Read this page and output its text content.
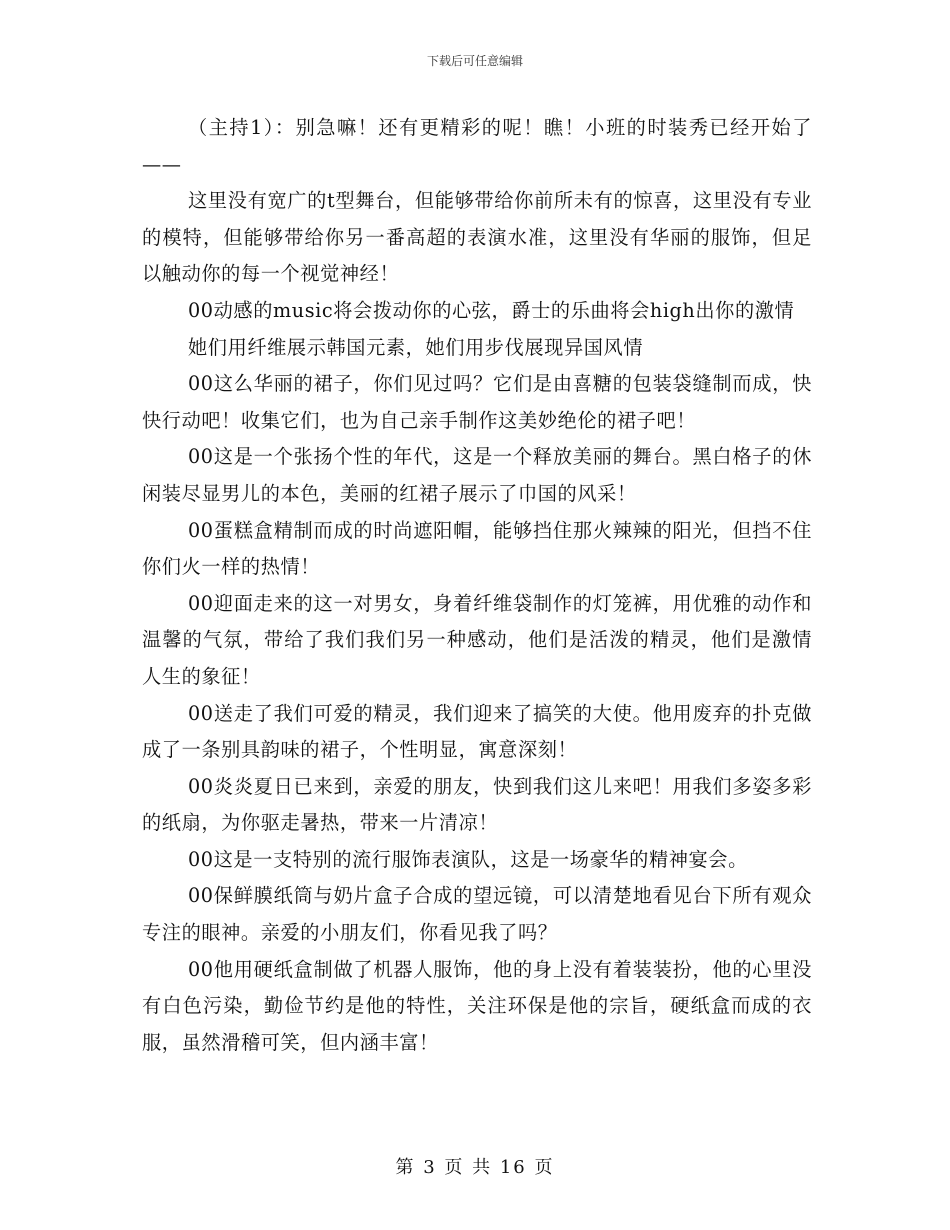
下载后可任意编辑

（主持1）：别急嘛！还有更精彩的呢！瞧！小班的时装秀已经开始了——

这里没有宽广的t型舞台，但能够带给你前所未有的惊喜，这里没有专业的模特，但能够带给你另一番高超的表演水准，这里没有华丽的服饰，但足以触动你的每一个视觉神经！

00动感的music将会拨动你的心弦，爵士的乐曲将会high出你的激情

她们用纤维展示韩国元素，她们用步伐展现异国风情

00这么华丽的裙子，你们见过吗？它们是由喜糖的包装袋缝制而成，快快行动吧！收集它们，也为自己亲手制作这美妙绝伦的裙子吧！

00这是一个张扬个性的年代，这是一个释放美丽的舞台。黑白格子的休闲装尽显男儿的本色，美丽的红裙子展示了巾国的风采！

00蛋糕盒精制而成的时尚遮阳帽，能够挡住那火辣辣的阳光，但挡不住你们火一样的热情！

00迎面走来的这一对男女，身着纤维袋制作的灯笼裤，用优雅的动作和温馨的气氛，带给了我们我们另一种感动，他们是活泼的精灵，他们是激情人生的象征！

00送走了我们可爱的精灵，我们迎来了搞笑的大使。他用废弃的扑克做成了一条别具韵味的裙子，个性明显，寓意深刻！

00炎炎夏日已来到，亲爱的朋友，快到我们这儿来吧！用我们多姿多彩的纸扇，为你驱走暑热，带来一片清凉！

00这是一支特别的流行服饰表演队，这是一场豪华的精神宴会。

00保鲜膜纸筒与奶片盒子合成的望远镜，可以清楚地看见台下所有观众专注的眼神。亲爱的小朋友们，你看见我了吗？

00他用硬纸盒制做了机器人服饰，他的身上没有着装装扮，他的心里没有白色污染，勤俭节约是他的特性，关注环保是他的宗旨，硬纸盒而成的衣服，虽然滑稽可笑，但内涵丰富！

第 3 页 共 16 页
